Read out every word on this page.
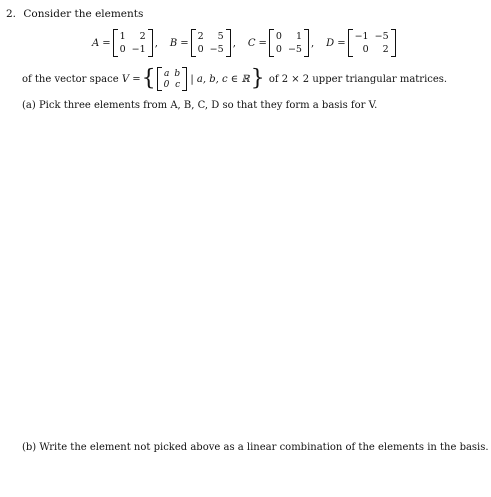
2. Consider the elements
A =
1	2
0 −1
, B =
2	5
0 −5
, C =
0	1
0 −5
, D =
−1 −5
0	2
of the vector space
V
= { a b
0 c
| a, b, c ∈ ℝ }
of 2 × 2 upper triangular matrices.
(a) Pick three elements from A, B, C, D so that they form a basis for V.
(b) Write the element not picked above as a linear combination of the elements in the basis.
